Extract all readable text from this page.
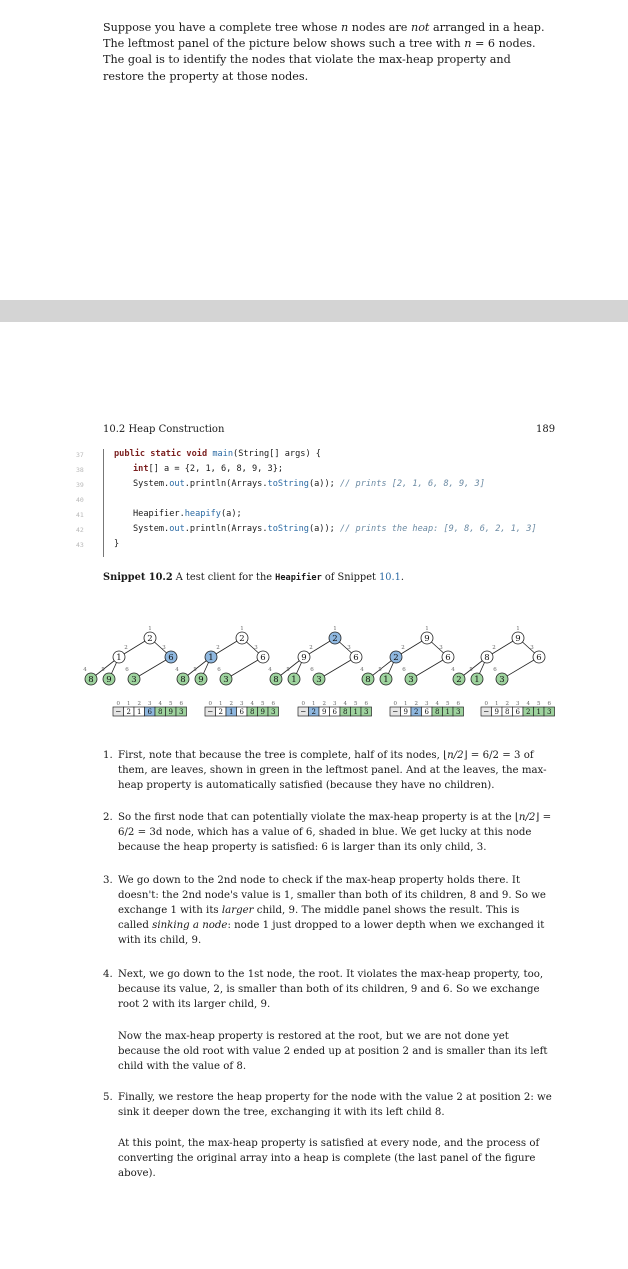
Suppose you have a complete tree whose n nodes are not arranged in a heap. The leftmost panel of the picture below shows such a tree with n = 6 nodes. The goal is to identify the nodes that violate the max-heap property and restore the property at those nodes.
10.2 Heap Construction	189

37

	public static void main(String[] args) {

38

	int[] a = {2, 1, 6, 8, 9, 3};

39

	System.out.println(Arrays.toString(a)); // prints [2, 1, 6, 8, 9, 3]

40

41

	Heapifier.heapify(a);

42

	System.out.println(Arrays.toString(a)); // prints the heap: [9, 8, 6, 2, 1, 3]

43

	}

Snippet 10.2 A test client for the Heapifier of Snippet 10.1.
1
2
2
1
3
6
4
8
5
9
6
3
0 1
2
2
1
3
6
4
8
5
9
6
3
1
2
2
1
3
6
4
8
5
9
6
3
0 1
2
2
1
3
6
4
8
5
9
6
3
1
2
2
9
3
6
4
8
5
1
6
3
0 1
2
2
9
3
6
4
8
5
1
6
3
1
9
2
2
3
6
4
8
5
1
6
3
0 1
9
2
2
3
6
4
8
5
1
6
3
1
9
2
8
3
6
4
2
5
1
6
3
0 1
9
2
8
3
6
4
2
5
1
6
3
1. First, note that because the tree is complete, half of its nodes, ⌊n/2⌋ = 6/2 = 3 of them, are leaves, shown in green in the leftmost panel. And at the leaves, the max-heap property is automatically satisfied (because they have no children).
2. So the first node that can potentially violate the max-heap property is at the ⌊n/2⌋ = 6/2 = 3d node, which has a value of 6, shaded in blue. We get lucky at this node because the heap property is satisfied: 6 is larger than its only child, 3.
3. We go down to the 2nd node to check if the max-heap property holds there. It doesn't: the 2nd node's value is 1, smaller than both of its children, 8 and 9. So we exchange 1 with its larger child, 9. The middle panel shows the result. This is called sinking a node: node 1 just dropped to a lower depth when we exchanged it with its child, 9.
4. Next, we go down to the 1st node, the root. It violates the max-heap property, too, because its value, 2, is smaller than both of its children, 9 and 6. So we exchange root 2 with its larger child, 9.
Now the max-heap property is restored at the root, but we are not done yet because the old root with value 2 ended up at position 2 and is smaller than its left child with the value of 8.
5. Finally, we restore the heap property for the node with the value 2 at position 2: we sink it deeper down the tree, exchanging it with its left child 8.
At this point, the max-heap property is satisfied at every node, and the process of converting the original array into a heap is complete (the last panel of the figure above).
